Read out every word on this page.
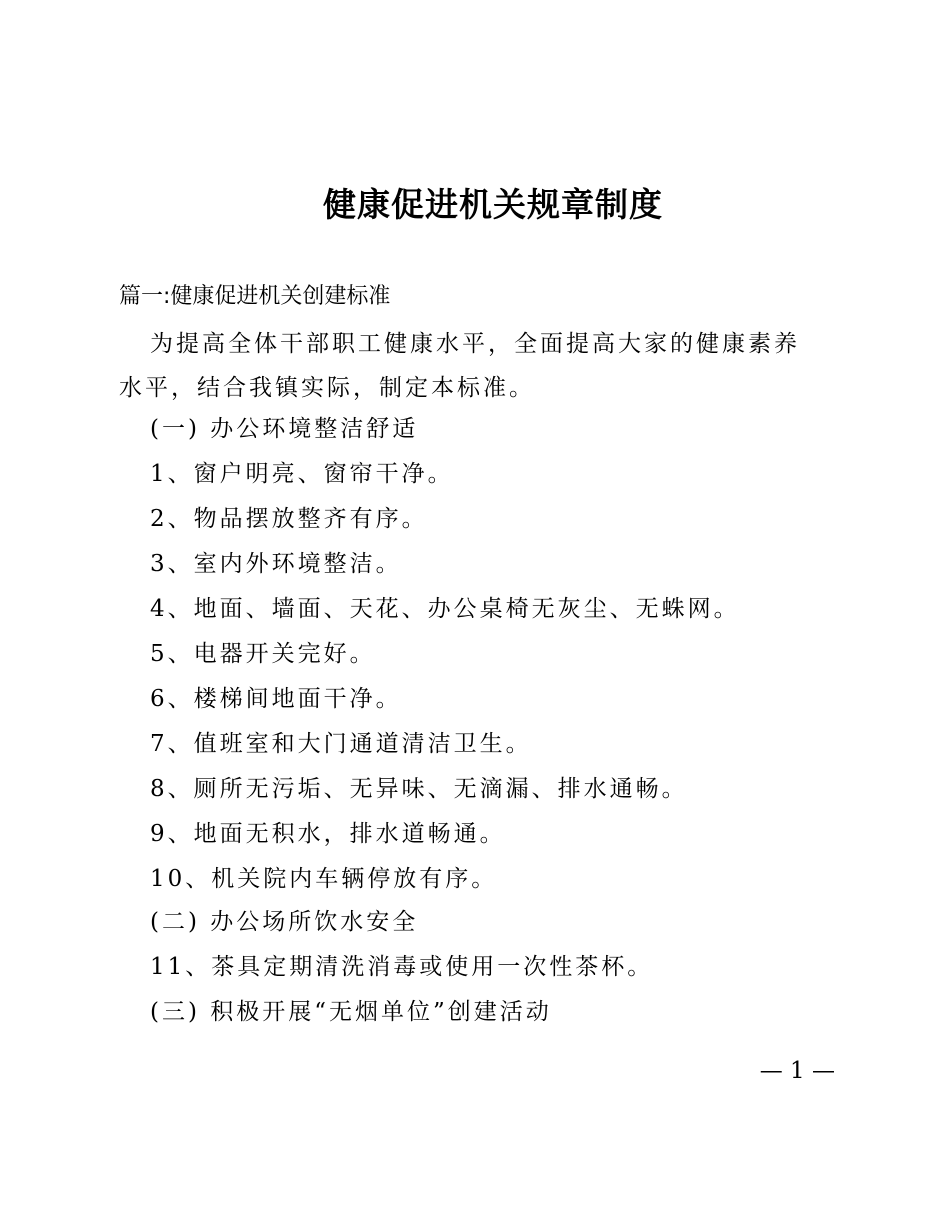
健康促进机关规章制度
篇一:健康促进机关创建标准

为提高全体干部职工健康水平，全面提高大家的健康素养水平，结合我镇实际，制定本标准。

(一) 办公环境整洁舒适

1、窗户明亮、窗帘干净。

2、物品摆放整齐有序。

3、室内外环境整洁。

4、地面、墙面、天花、办公桌椅无灰尘、无蛛网。

5、电器开关完好。

6、楼梯间地面干净。

7、值班室和大门通道清洁卫生。

8、厕所无污垢、无异味、无滴漏、排水通畅。

9、地面无积水，排水道畅通。

10、机关院内车辆停放有序。

(二) 办公场所饮水安全

11、茶具定期清洗消毒或使用一次性茶杯。

(三) 积极开展“无烟单位”创建活动

— 1 —
